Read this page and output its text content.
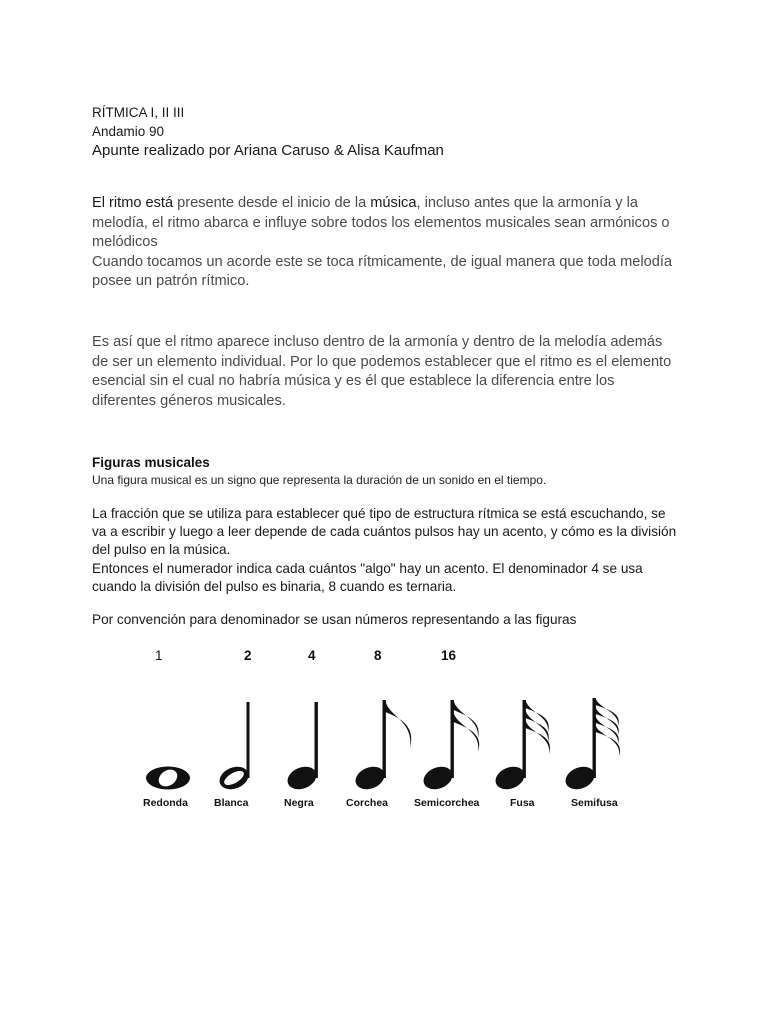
RÍTMICA I, II III
Andamio 90
Apunte realizado por Ariana Caruso & Alisa Kaufman

El ritmo está presente desde el inicio de la música, incluso antes que la armonía y la melodía, el ritmo abarca e influye sobre todos los elementos musicales sean armónicos o melódicos

Cuando tocamos un acorde este se toca rítmicamente, de igual manera que toda melodía posee un patrón rítmico.

Es así que el ritmo aparece incluso dentro de la armonía y dentro de la melodía además de ser un elemento individual. Por lo que podemos establecer que el ritmo es el elemento esencial sin el cual no habría música y es él que establece la diferencia entre los diferentes géneros musicales.

Figuras musicales
Una figura musical es un signo que representa la duración de un sonido en el tiempo.
La fracción que se utiliza para establecer qué tipo de estructura rítmica se está escuchando, se va a escribir y luego a leer depende de cada cuántos pulsos hay un acento, y cómo es la división del pulso en la música.
Entonces el numerador indica cada cuántos "algo" hay un acento. El denominador 4 se usa cuando la división del pulso es binaria, 8 cuando es ternaria.
Por convención para denominador se usan números representando a las figuras
1	2	4	8	16
Redonda Blanca	Negra	Corchea Semicorchea	Fusa	Semifusa
